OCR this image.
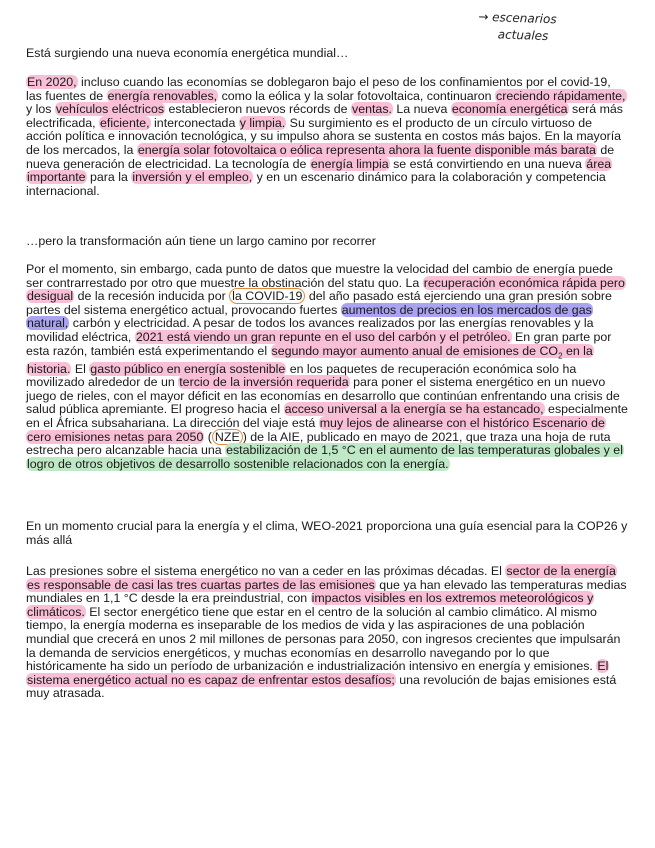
→ escenarios
actuales
Está surgiendo una nueva economía energética mundial…

En 2020, incluso cuando las economías se doblegaron bajo el peso de los confinamientos por el covid-19, las fuentes de energía renovables, como la eólica y la solar fotovoltaica, continuaron creciendo rápidamente, y los vehículos eléctricos establecieron nuevos récords de ventas. La nueva economía energética será más electrificada, eficiente, interconectada y limpia. Su surgimiento es el producto de un círculo virtuoso de acción política e innovación tecnológica, y su impulso ahora se sustenta en costos más bajos. En la mayoría de los mercados, la energía solar fotovoltaica o eólica representa ahora la fuente disponible más barata de nueva generación de electricidad. La tecnología de energía limpia se está convirtiendo en una nueva área importante para la inversión y el empleo, y en un escenario dinámico para la colaboración y competencia internacional.

…pero la transformación aún tiene un largo camino por recorrer

Por el momento, sin embargo, cada punto de datos que muestre la velocidad del cambio de energía puede ser contrarrestado por otro que muestre la obstinación del statu quo. La recuperación económica rápida pero desigual de la recesión inducida por la COVID-19 del año pasado está ejerciendo una gran presión sobre partes del sistema energético actual, provocando fuertes aumentos de precios en los mercados de gas natural, carbón y electricidad. A pesar de todos los avances realizados por las energías renovables y la movilidad eléctrica, 2021 está viendo un gran repunte en el uso del carbón y el petróleo. En gran parte por esta razón, también está experimentando el segundo mayor aumento anual de emisiones de $CO_2$ en la historia. El gasto público en energía sostenible en los paquetes de recuperación económica solo ha movilizado alrededor de un tercio de la inversión requerida para poner el sistema energético en un nuevo juego de rieles, con el mayor déficit en las economías en desarrollo que continúan enfrentando una crisis de salud pública apremiante. El progreso hacia el acceso universal a la energía se ha estancado, especialmente en el África subsahariana. La dirección del viaje está muy lejos de alinearse con el histórico Escenario de cero emisiones netas para 2050 ( NZE ) de la AIE, publicado en mayo de 2021, que traza una hoja de ruta estrecha pero alcanzable hacia una estabilización de 1,5 °C en el aumento de las temperaturas globales y el logro de otros objetivos de desarrollo sostenible relacionados con la energía.

En un momento crucial para la energía y el clima, WEO-2021 proporciona una guía esencial para la COP26 y más allá

Las presiones sobre el sistema energético no van a ceder en las próximas décadas. El sector de la energía es responsable de casi las tres cuartas partes de las emisiones que ya han elevado las temperaturas medias mundiales en 1,1 °C desde la era preindustrial, con impactos visibles en los extremos meteorológicos y climáticos. El sector energético tiene que estar en el centro de la solución al cambio climático. Al mismo tiempo, la energía moderna es inseparable de los medios de vida y las aspiraciones de una población mundial que crecerá en unos 2 mil millones de personas para 2050, con ingresos crecientes que impulsarán la demanda de servicios energéticos, y muchas economías en desarrollo navegando por lo que históricamente ha sido un período de urbanización e industrialización intensivo en energía y emisiones. El sistema energético actual no es capaz de enfrentar estos desafíos; una revolución de bajas emisiones está muy atrasada.
